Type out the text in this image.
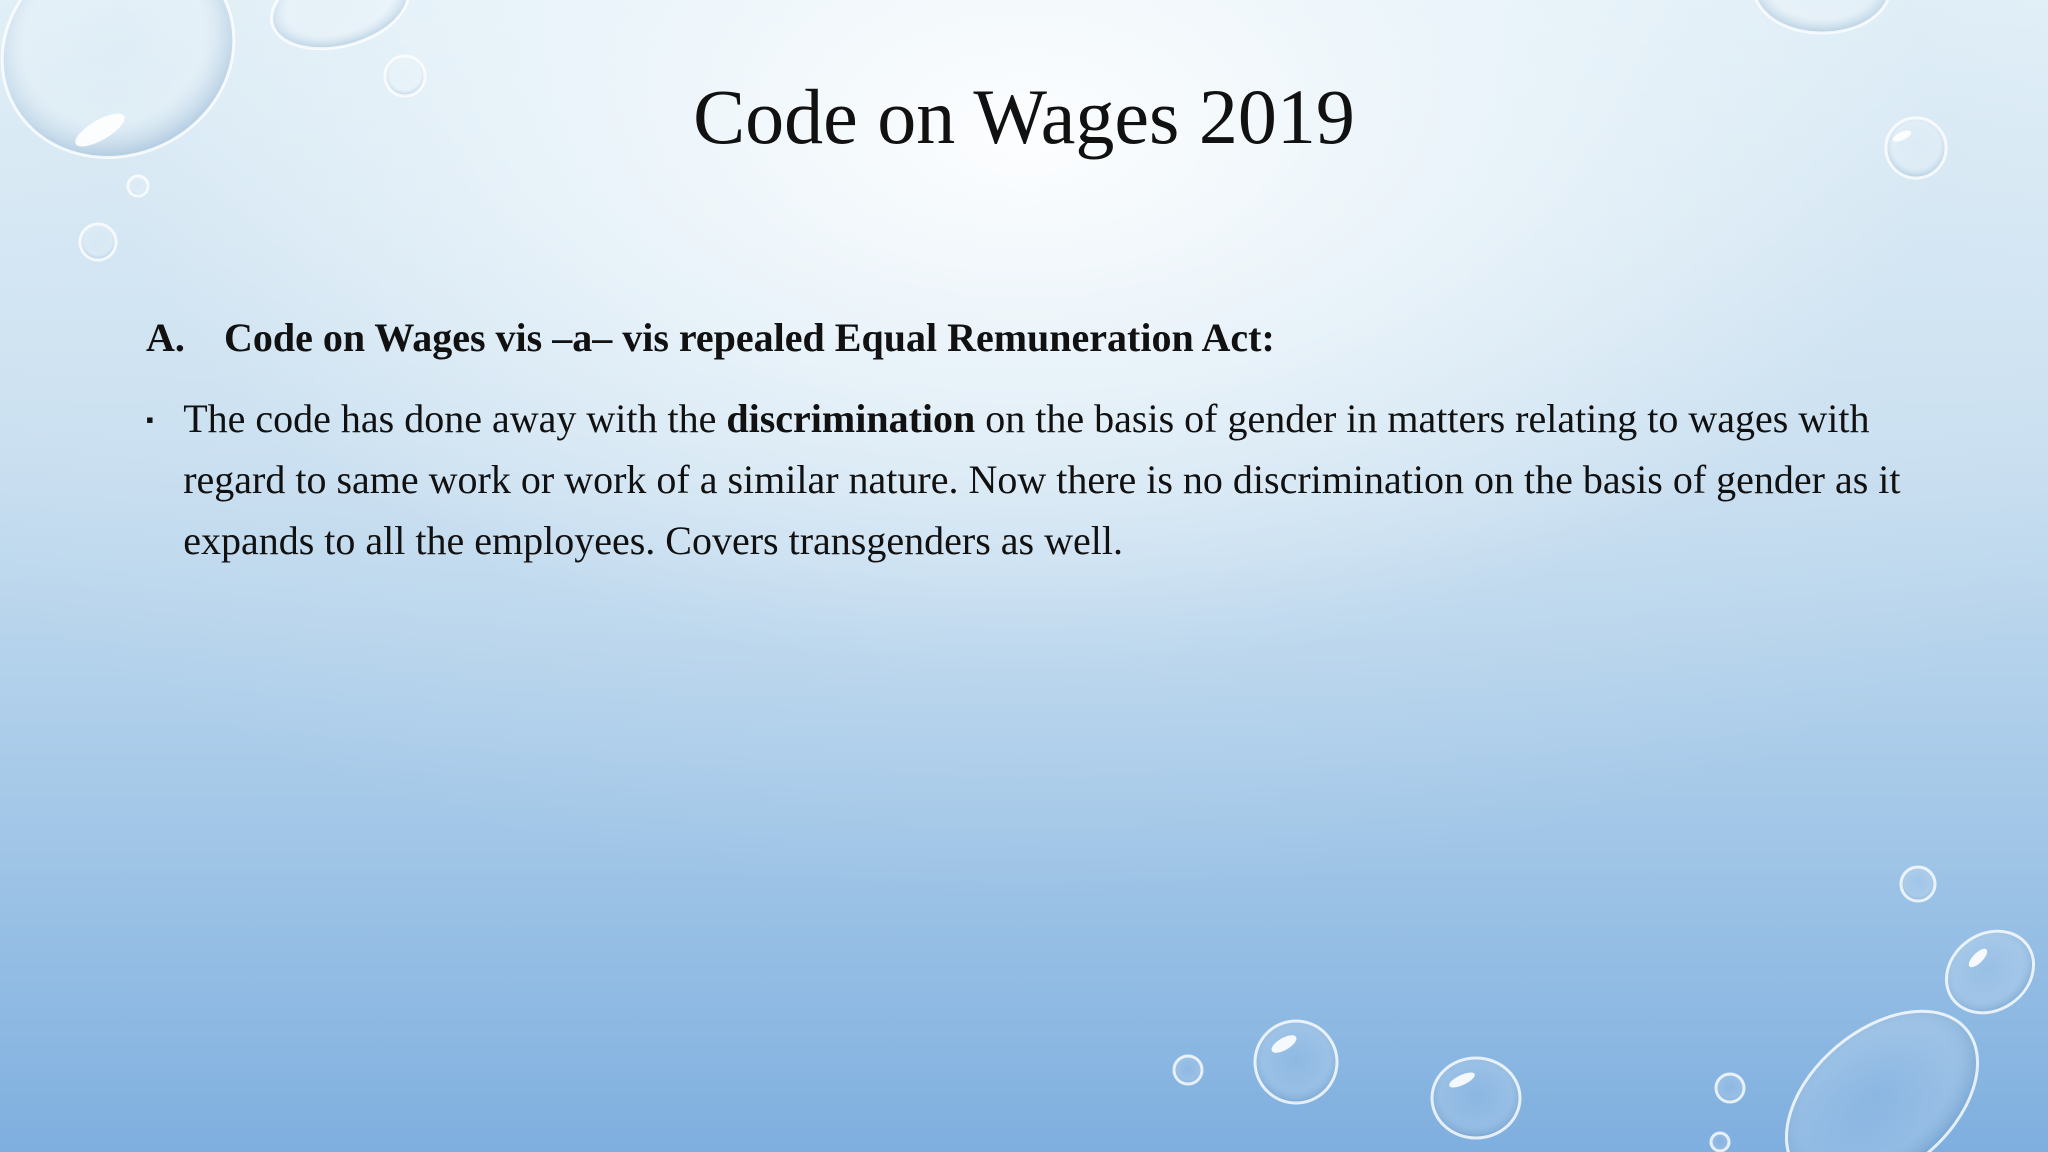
Code on Wages 2019
A. Code on Wages vis –a– vis repealed Equal Remuneration Act:
▪ The code has done away with the discrimination on the basis of gender in matters relating to wages with regard to same work or work of a similar nature. Now there is no discrimination on the basis of gender as it expands to all the employees. Covers transgenders as well.
